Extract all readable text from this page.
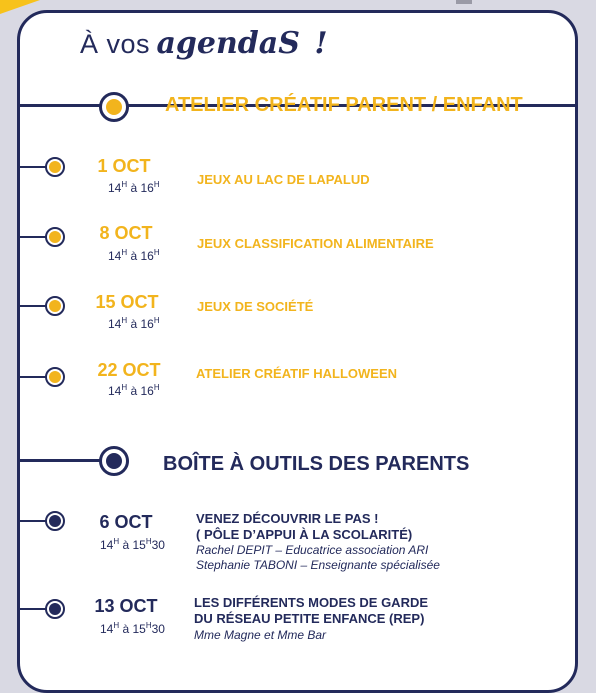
À vos agendaS !
ATELIER CRÉATIF PARENT / ENFANT
BOÎTE À OUTILS DES PARENTS
1 OCT
$14^H$ à $16^H$	JEUX AU LAC DE LAPALUD
8 OCT
$14^H$ à $16^H$
JEUX CLASSIFICATION ALIMENTAIRE
15 OCT
$14^H$ à $16^H$
JEUX DE SOCIÉTÉ
22 OCT
$14^H$ à $16^H$
ATELIER CRÉATIF HALLOWEEN
6 OCT
$14^H$ à $15^H30$
VENEZ DÉCOUVRIR LE PAS !
( PÔLE D’APPUI À LA SCOLARITÉ)
Rachel DEPIT – Educatrice association ARI
Stephanie TABONI – Enseignante spécialisée
13 OCT
$14^H$ à $15^H30$
LES DIFFÉRENTS MODES DE GARDE
DU RÉSEAU PETITE ENFANCE (REP)
Mme Magne et Mme Bar
